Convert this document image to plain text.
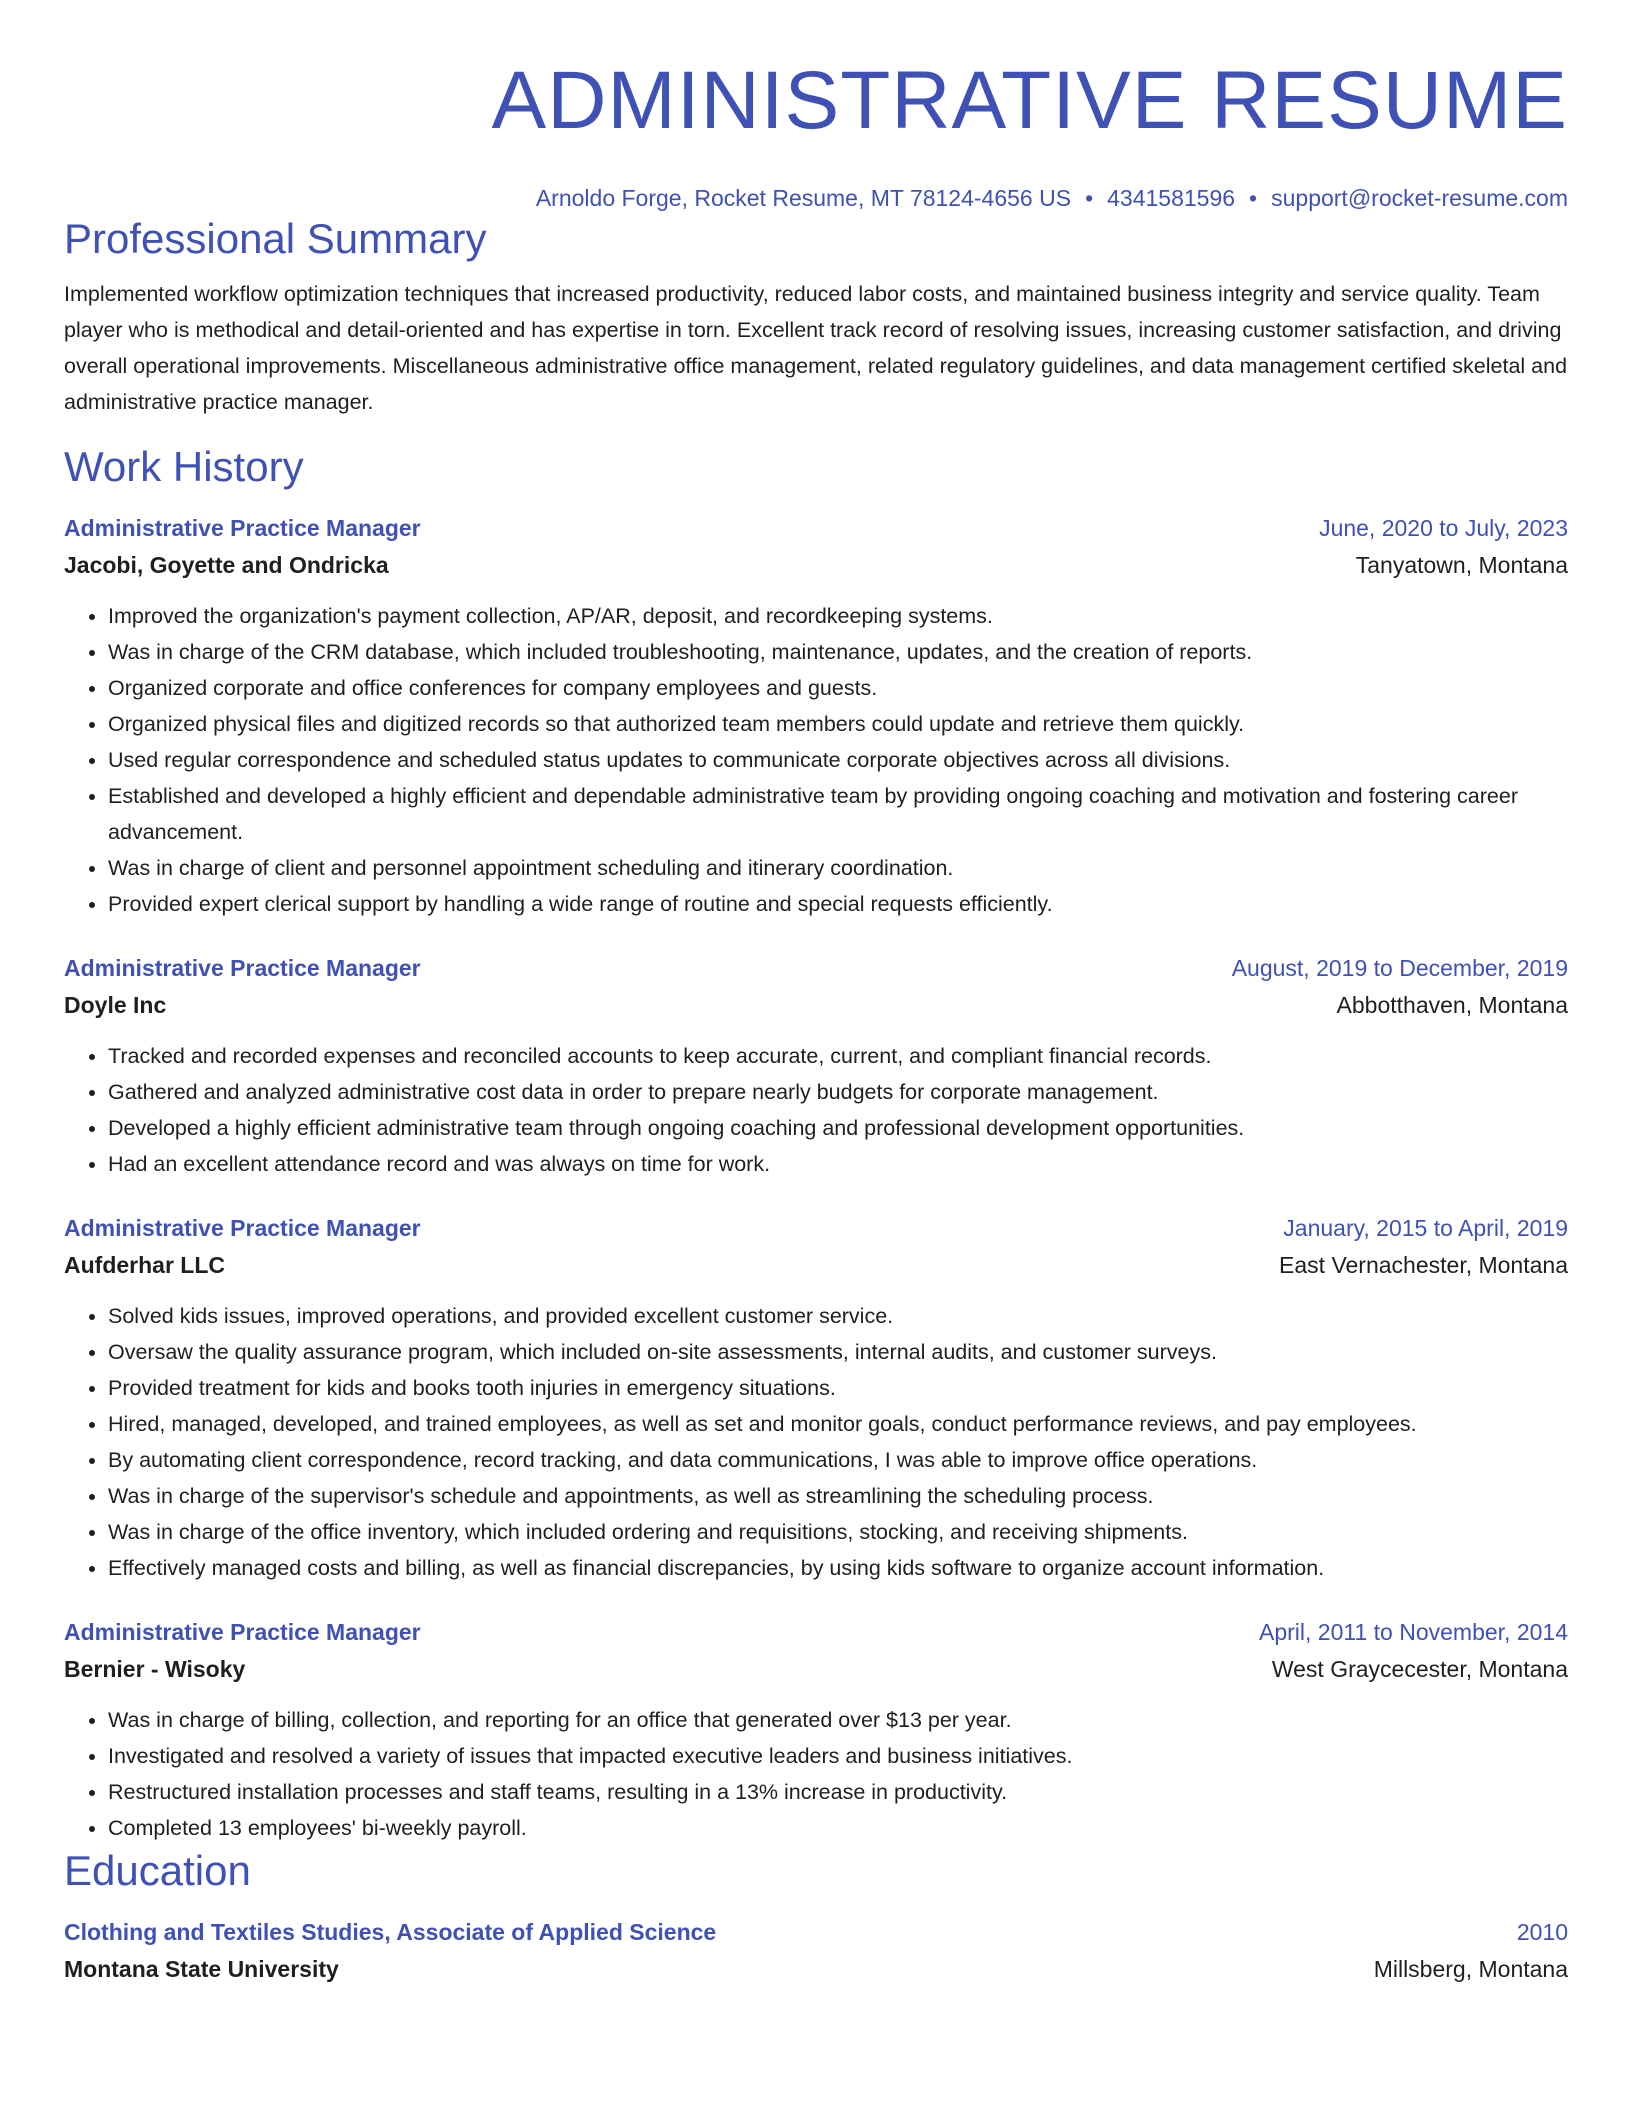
ADMINISTRATIVE RESUME
Arnoldo Forge, Rocket Resume, MT 78124-4656 US • 4341581596 • support@rocket-resume.com
Professional Summary

Implemented workflow optimization techniques that increased productivity, reduced labor costs, and maintained business integrity and service quality. Team player who is methodical and detail-oriented and has expertise in torn. Excellent track record of resolving issues, increasing customer satisfaction, and driving overall operational improvements. Miscellaneous administrative office management, related regulatory guidelines, and data management certified skeletal and administrative practice manager.

Work History
Administrative Practice Manager	June, 2020 to July, 2023
Jacobi, Goyette and Ondricka	Tanyatown, Montana
• Improved the organization's payment collection, AP/AR, deposit, and recordkeeping systems.
• Was in charge of the CRM database, which included troubleshooting, maintenance, updates, and the creation of reports.
• Organized corporate and office conferences for company employees and guests.
• Organized physical files and digitized records so that authorized team members could update and retrieve them quickly.
• Used regular correspondence and scheduled status updates to communicate corporate objectives across all divisions.
• Established and developed a highly efficient and dependable administrative team by providing ongoing coaching and motivation and fostering career advancement.
• Was in charge of client and personnel appointment scheduling and itinerary coordination.
• Provided expert clerical support by handling a wide range of routine and special requests efficiently.
Administrative Practice Manager	August, 2019 to December, 2019
Doyle Inc	Abbotthaven, Montana
• Tracked and recorded expenses and reconciled accounts to keep accurate, current, and compliant financial records.
• Gathered and analyzed administrative cost data in order to prepare nearly budgets for corporate management.
• Developed a highly efficient administrative team through ongoing coaching and professional development opportunities.
• Had an excellent attendance record and was always on time for work.
Administrative Practice Manager	January, 2015 to April, 2019
Aufderhar LLC	East Vernachester, Montana
• Solved kids issues, improved operations, and provided excellent customer service.
• Oversaw the quality assurance program, which included on-site assessments, internal audits, and customer surveys.
• Provided treatment for kids and books tooth injuries in emergency situations.
• Hired, managed, developed, and trained employees, as well as set and monitor goals, conduct performance reviews, and pay employees.
• By automating client correspondence, record tracking, and data communications, I was able to improve office operations.
• Was in charge of the supervisor's schedule and appointments, as well as streamlining the scheduling process.
• Was in charge of the office inventory, which included ordering and requisitions, stocking, and receiving shipments.
• Effectively managed costs and billing, as well as financial discrepancies, by using kids software to organize account information.
Administrative Practice Manager	April, 2011 to November, 2014
Bernier - Wisoky	West Graycecester, Montana
• Was in charge of billing, collection, and reporting for an office that generated over $13 per year.
• Investigated and resolved a variety of issues that impacted executive leaders and business initiatives.
• Restructured installation processes and staff teams, resulting in a 13% increase in productivity.
• Completed 13 employees' bi-weekly payroll.
Education
Clothing and Textiles Studies, Associate of Applied Science	2010
Montana State University	Millsberg, Montana
